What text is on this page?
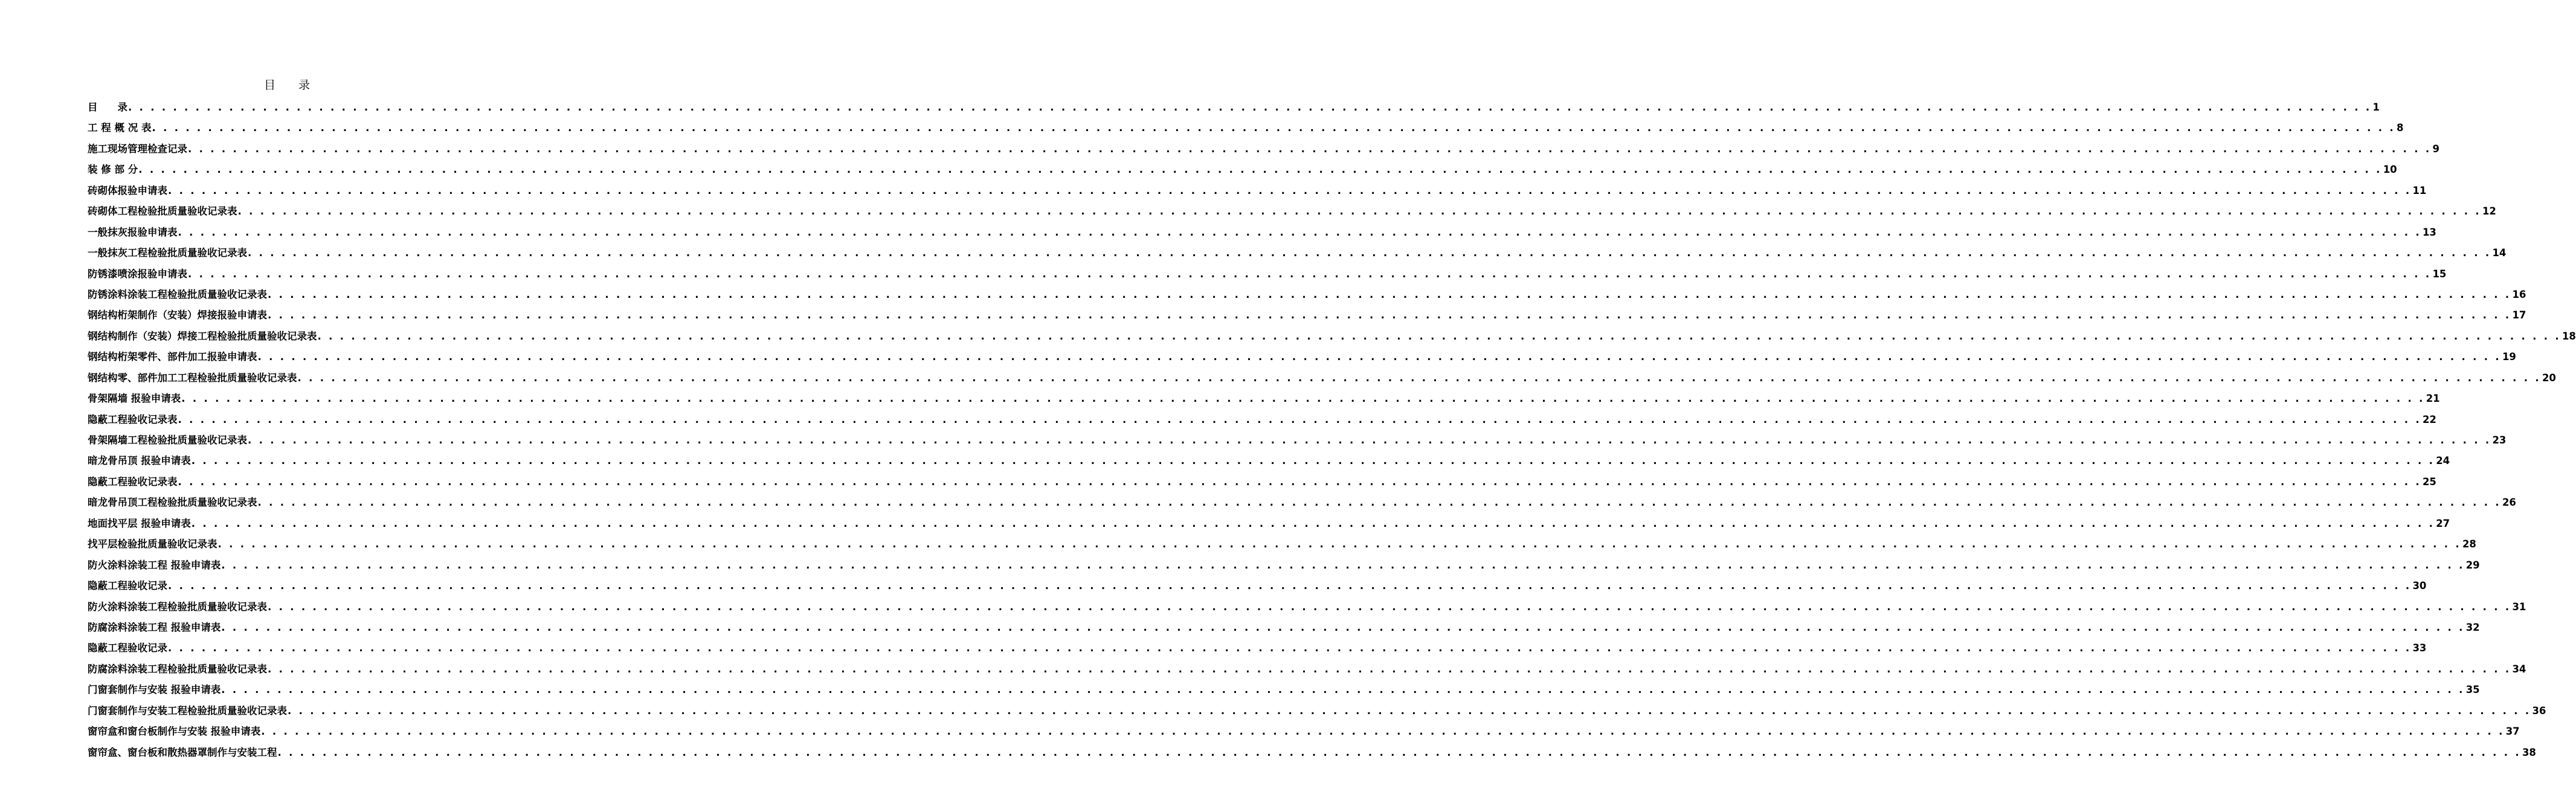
目　　录
目　　录 . . . . . . . . . . . . . . . . . . . . . . . . . . . . . . . . . . . . . . . . . . . . . . . . . . . . . . . . . . . . . . . . . . . . . . . . . . . . . . . . . . . . . . . . . . . . . . . . . . . . . . . . . . . . . . . . . . . . . . . . . . . . . . . . . . . . . . . . . . . . . . . . . . . . . . . . . . . . . . . . . . . . . . . . . . . . . . . . . . . . . . . . . . . . . . . . . . . . . . . . 1
工 程 概 况 表 . . . . . . . . . . . . . . . . . . . . . . . . . . . . . . . . . . . . . . . . . . . . . . . . . . . . . . . . . . . . . . . . . . . . . . . . . . . . . . . . . . . . . . . . . . . . . . . . . . . . . . . . . . . . . . . . . . . . . . . . . . . . . . . . . . . . . . . . . . . . . . . . . . . . . . . . . . . . . . . . . . . . . . . . . . . . . . . . . . . . . . . . . . . . . . . . . . . . . . . . 8
施工现场管理检查记录 . . . . . . . . . . . . . . . . . . . . . . . . . . . . . . . . . . . . . . . . . . . . . . . . . . . . . . . . . . . . . . . . . . . . . . . . . . . . . . . . . . . . . . . . . . . . . . . . . . . . . . . . . . . . . . . . . . . . . . . . . . . . . . . . . . . . . . . . . . . . . . . . . . . . . . . . . . . . . . . . . . . . . . . . . . . . . . . . . . . . . . . . . . . . . . . . . . . . . . . . 9
装 修 部 分 . . . . . . . . . . . . . . . . . . . . . . . . . . . . . . . . . . . . . . . . . . . . . . . . . . . . . . . . . . . . . . . . . . . . . . . . . . . . . . . . . . . . . . . . . . . . . . . . . . . . . . . . . . . . . . . . . . . . . . . . . . . . . . . . . . . . . . . . . . . . . . . . . . . . . . . . . . . . . . . . . . . . . . . . . . . . . . . . . . . . . . . . . . . . . . . . . . . . . . . . 10
砖砌体报验申请表 . . . . . . . . . . . . . . . . . . . . . . . . . . . . . . . . . . . . . . . . . . . . . . . . . . . . . . . . . . . . . . . . . . . . . . . . . . . . . . . . . . . . . . . . . . . . . . . . . . . . . . . . . . . . . . . . . . . . . . . . . . . . . . . . . . . . . . . . . . . . . . . . . . . . . . . . . . . . . . . . . . . . . . . . . . . . . . . . . . . . . . . . . . . . . . . . . . . . . . . . 11
砖砌体工程检验批质量验收记录表 . . . . . . . . . . . . . . . . . . . . . . . . . . . . . . . . . . . . . . . . . . . . . . . . . . . . . . . . . . . . . . . . . . . . . . . . . . . . . . . . . . . . . . . . . . . . . . . . . . . . . . . . . . . . . . . . . . . . . . . . . . . . . . . . . . . . . . . . . . . . . . . . . . . . . . . . . . . . . . . . . . . . . . . . . . . . . . . . . . . . . . . . . . . . . . . . . . . . . . . . 12
一般抹灰报验申请表 . . . . . . . . . . . . . . . . . . . . . . . . . . . . . . . . . . . . . . . . . . . . . . . . . . . . . . . . . . . . . . . . . . . . . . . . . . . . . . . . . . . . . . . . . . . . . . . . . . . . . . . . . . . . . . . . . . . . . . . . . . . . . . . . . . . . . . . . . . . . . . . . . . . . . . . . . . . . . . . . . . . . . . . . . . . . . . . . . . . . . . . . . . . . . . . . . . . . . . . . 13
一般抹灰工程检验批质量验收记录表 . . . . . . . . . . . . . . . . . . . . . . . . . . . . . . . . . . . . . . . . . . . . . . . . . . . . . . . . . . . . . . . . . . . . . . . . . . . . . . . . . . . . . . . . . . . . . . . . . . . . . . . . . . . . . . . . . . . . . . . . . . . . . . . . . . . . . . . . . . . . . . . . . . . . . . . . . . . . . . . . . . . . . . . . . . . . . . . . . . . . . . . . . . . . . . . . . . . . . . . . 14
防锈漆喷涂报验申请表 . . . . . . . . . . . . . . . . . . . . . . . . . . . . . . . . . . . . . . . . . . . . . . . . . . . . . . . . . . . . . . . . . . . . . . . . . . . . . . . . . . . . . . . . . . . . . . . . . . . . . . . . . . . . . . . . . . . . . . . . . . . . . . . . . . . . . . . . . . . . . . . . . . . . . . . . . . . . . . . . . . . . . . . . . . . . . . . . . . . . . . . . . . . . . . . . . . . . . . . . 15
防锈涂料涂装工程检验批质量验收记录表 . . . . . . . . . . . . . . . . . . . . . . . . . . . . . . . . . . . . . . . . . . . . . . . . . . . . . . . . . . . . . . . . . . . . . . . . . . . . . . . . . . . . . . . . . . . . . . . . . . . . . . . . . . . . . . . . . . . . . . . . . . . . . . . . . . . . . . . . . . . . . . . . . . . . . . . . . . . . . . . . . . . . . . . . . . . . . . . . . . . . . . . . . . . . . . . . . . . . . . . . 16
钢结构桁架制作（安装）焊接报验申请表 . . . . . . . . . . . . . . . . . . . . . . . . . . . . . . . . . . . . . . . . . . . . . . . . . . . . . . . . . . . . . . . . . . . . . . . . . . . . . . . . . . . . . . . . . . . . . . . . . . . . . . . . . . . . . . . . . . . . . . . . . . . . . . . . . . . . . . . . . . . . . . . . . . . . . . . . . . . . . . . . . . . . . . . . . . . . . . . . . . . . . . . . . . . . . . . . . . . . . . . . 17
钢结构制作（安装）焊接工程检验批质量验收记录表 . . . . . . . . . . . . . . . . . . . . . . . . . . . . . . . . . . . . . . . . . . . . . . . . . . . . . . . . . . . . . . . . . . . . . . . . . . . . . . . . . . . . . . . . . . . . . . . . . . . . . . . . . . . . . . . . . . . . . . . . . . . . . . . . . . . . . . . . . . . . . . . . . . . . . . . . . . . . . . . . . . . . . . . . . . . . . . . . . . . . . . . . . . . . . . . . . . . . . . . . 18
钢结构桁架零件、部件加工报验申请表 . . . . . . . . . . . . . . . . . . . . . . . . . . . . . . . . . . . . . . . . . . . . . . . . . . . . . . . . . . . . . . . . . . . . . . . . . . . . . . . . . . . . . . . . . . . . . . . . . . . . . . . . . . . . . . . . . . . . . . . . . . . . . . . . . . . . . . . . . . . . . . . . . . . . . . . . . . . . . . . . . . . . . . . . . . . . . . . . . . . . . . . . . . . . . . . . . . . . . . . . 19
钢结构零、部件加工工程检验批质量验收记录表 . . . . . . . . . . . . . . . . . . . . . . . . . . . . . . . . . . . . . . . . . . . . . . . . . . . . . . . . . . . . . . . . . . . . . . . . . . . . . . . . . . . . . . . . . . . . . . . . . . . . . . . . . . . . . . . . . . . . . . . . . . . . . . . . . . . . . . . . . . . . . . . . . . . . . . . . . . . . . . . . . . . . . . . . . . . . . . . . . . . . . . . . . . . . . . . . . . . . . . . . 20
骨架隔墙 报验申请表 . . . . . . . . . . . . . . . . . . . . . . . . . . . . . . . . . . . . . . . . . . . . . . . . . . . . . . . . . . . . . . . . . . . . . . . . . . . . . . . . . . . . . . . . . . . . . . . . . . . . . . . . . . . . . . . . . . . . . . . . . . . . . . . . . . . . . . . . . . . . . . . . . . . . . . . . . . . . . . . . . . . . . . . . . . . . . . . . . . . . . . . . . . . . . . . . . . . . . . . . 21
隐蔽工程验收记录表 . . . . . . . . . . . . . . . . . . . . . . . . . . . . . . . . . . . . . . . . . . . . . . . . . . . . . . . . . . . . . . . . . . . . . . . . . . . . . . . . . . . . . . . . . . . . . . . . . . . . . . . . . . . . . . . . . . . . . . . . . . . . . . . . . . . . . . . . . . . . . . . . . . . . . . . . . . . . . . . . . . . . . . . . . . . . . . . . . . . . . . . . . . . . . . . . . . . . . . . . 22
骨架隔墙工程检验批质量验收记录表 . . . . . . . . . . . . . . . . . . . . . . . . . . . . . . . . . . . . . . . . . . . . . . . . . . . . . . . . . . . . . . . . . . . . . . . . . . . . . . . . . . . . . . . . . . . . . . . . . . . . . . . . . . . . . . . . . . . . . . . . . . . . . . . . . . . . . . . . . . . . . . . . . . . . . . . . . . . . . . . . . . . . . . . . . . . . . . . . . . . . . . . . . . . . . . . . . . . . . . . . 23
暗龙骨吊顶 报验申请表 . . . . . . . . . . . . . . . . . . . . . . . . . . . . . . . . . . . . . . . . . . . . . . . . . . . . . . . . . . . . . . . . . . . . . . . . . . . . . . . . . . . . . . . . . . . . . . . . . . . . . . . . . . . . . . . . . . . . . . . . . . . . . . . . . . . . . . . . . . . . . . . . . . . . . . . . . . . . . . . . . . . . . . . . . . . . . . . . . . . . . . . . . . . . . . . . . . . . . . . . 24
隐蔽工程验收记录表 . . . . . . . . . . . . . . . . . . . . . . . . . . . . . . . . . . . . . . . . . . . . . . . . . . . . . . . . . . . . . . . . . . . . . . . . . . . . . . . . . . . . . . . . . . . . . . . . . . . . . . . . . . . . . . . . . . . . . . . . . . . . . . . . . . . . . . . . . . . . . . . . . . . . . . . . . . . . . . . . . . . . . . . . . . . . . . . . . . . . . . . . . . . . . . . . . . . . . . . . 25
暗龙骨吊顶工程检验批质量验收记录表 . . . . . . . . . . . . . . . . . . . . . . . . . . . . . . . . . . . . . . . . . . . . . . . . . . . . . . . . . . . . . . . . . . . . . . . . . . . . . . . . . . . . . . . . . . . . . . . . . . . . . . . . . . . . . . . . . . . . . . . . . . . . . . . . . . . . . . . . . . . . . . . . . . . . . . . . . . . . . . . . . . . . . . . . . . . . . . . . . . . . . . . . . . . . . . . . . . . . . . . . 26
地面找平层 报验申请表 . . . . . . . . . . . . . . . . . . . . . . . . . . . . . . . . . . . . . . . . . . . . . . . . . . . . . . . . . . . . . . . . . . . . . . . . . . . . . . . . . . . . . . . . . . . . . . . . . . . . . . . . . . . . . . . . . . . . . . . . . . . . . . . . . . . . . . . . . . . . . . . . . . . . . . . . . . . . . . . . . . . . . . . . . . . . . . . . . . . . . . . . . . . . . . . . . . . . . . . . 27
找平层检验批质量验收记录表 . . . . . . . . . . . . . . . . . . . . . . . . . . . . . . . . . . . . . . . . . . . . . . . . . . . . . . . . . . . . . . . . . . . . . . . . . . . . . . . . . . . . . . . . . . . . . . . . . . . . . . . . . . . . . . . . . . . . . . . . . . . . . . . . . . . . . . . . . . . . . . . . . . . . . . . . . . . . . . . . . . . . . . . . . . . . . . . . . . . . . . . . . . . . . . . . . . . . . . . . 28
防火涂料涂装工程 报验申请表 . . . . . . . . . . . . . . . . . . . . . . . . . . . . . . . . . . . . . . . . . . . . . . . . . . . . . . . . . . . . . . . . . . . . . . . . . . . . . . . . . . . . . . . . . . . . . . . . . . . . . . . . . . . . . . . . . . . . . . . . . . . . . . . . . . . . . . . . . . . . . . . . . . . . . . . . . . . . . . . . . . . . . . . . . . . . . . . . . . . . . . . . . . . . . . . . . . . . . . . . 29
隐蔽工程验收记录 . . . . . . . . . . . . . . . . . . . . . . . . . . . . . . . . . . . . . . . . . . . . . . . . . . . . . . . . . . . . . . . . . . . . . . . . . . . . . . . . . . . . . . . . . . . . . . . . . . . . . . . . . . . . . . . . . . . . . . . . . . . . . . . . . . . . . . . . . . . . . . . . . . . . . . . . . . . . . . . . . . . . . . . . . . . . . . . . . . . . . . . . . . . . . . . . . . . . . . . . 30
防火涂料涂装工程检验批质量验收记录表 . . . . . . . . . . . . . . . . . . . . . . . . . . . . . . . . . . . . . . . . . . . . . . . . . . . . . . . . . . . . . . . . . . . . . . . . . . . . . . . . . . . . . . . . . . . . . . . . . . . . . . . . . . . . . . . . . . . . . . . . . . . . . . . . . . . . . . . . . . . . . . . . . . . . . . . . . . . . . . . . . . . . . . . . . . . . . . . . . . . . . . . . . . . . . . . . . . . . . . . . 31
防腐涂料涂装工程 报验申请表 . . . . . . . . . . . . . . . . . . . . . . . . . . . . . . . . . . . . . . . . . . . . . . . . . . . . . . . . . . . . . . . . . . . . . . . . . . . . . . . . . . . . . . . . . . . . . . . . . . . . . . . . . . . . . . . . . . . . . . . . . . . . . . . . . . . . . . . . . . . . . . . . . . . . . . . . . . . . . . . . . . . . . . . . . . . . . . . . . . . . . . . . . . . . . . . . . . . . . . . . 32
隐蔽工程验收记录 . . . . . . . . . . . . . . . . . . . . . . . . . . . . . . . . . . . . . . . . . . . . . . . . . . . . . . . . . . . . . . . . . . . . . . . . . . . . . . . . . . . . . . . . . . . . . . . . . . . . . . . . . . . . . . . . . . . . . . . . . . . . . . . . . . . . . . . . . . . . . . . . . . . . . . . . . . . . . . . . . . . . . . . . . . . . . . . . . . . . . . . . . . . . . . . . . . . . . . . . 33
防腐涂料涂装工程检验批质量验收记录表 . . . . . . . . . . . . . . . . . . . . . . . . . . . . . . . . . . . . . . . . . . . . . . . . . . . . . . . . . . . . . . . . . . . . . . . . . . . . . . . . . . . . . . . . . . . . . . . . . . . . . . . . . . . . . . . . . . . . . . . . . . . . . . . . . . . . . . . . . . . . . . . . . . . . . . . . . . . . . . . . . . . . . . . . . . . . . . . . . . . . . . . . . . . . . . . . . . . . . . . . 34
门窗套制作与安装 报验申请表 . . . . . . . . . . . . . . . . . . . . . . . . . . . . . . . . . . . . . . . . . . . . . . . . . . . . . . . . . . . . . . . . . . . . . . . . . . . . . . . . . . . . . . . . . . . . . . . . . . . . . . . . . . . . . . . . . . . . . . . . . . . . . . . . . . . . . . . . . . . . . . . . . . . . . . . . . . . . . . . . . . . . . . . . . . . . . . . . . . . . . . . . . . . . . . . . . . . . . . . . 35
门窗套制作与安装工程检验批质量验收记录表 . . . . . . . . . . . . . . . . . . . . . . . . . . . . . . . . . . . . . . . . . . . . . . . . . . . . . . . . . . . . . . . . . . . . . . . . . . . . . . . . . . . . . . . . . . . . . . . . . . . . . . . . . . . . . . . . . . . . . . . . . . . . . . . . . . . . . . . . . . . . . . . . . . . . . . . . . . . . . . . . . . . . . . . . . . . . . . . . . . . . . . . . . . . . . . . . . . . . . . . . 36
窗帘盒和窗台板制作与安装 报验申请表 . . . . . . . . . . . . . . . . . . . . . . . . . . . . . . . . . . . . . . . . . . . . . . . . . . . . . . . . . . . . . . . . . . . . . . . . . . . . . . . . . . . . . . . . . . . . . . . . . . . . . . . . . . . . . . . . . . . . . . . . . . . . . . . . . . . . . . . . . . . . . . . . . . . . . . . . . . . . . . . . . . . . . . . . . . . . . . . . . . . . . . . . . . . . . . . . . . . . . . . . 37
窗帘盒、窗台板和散热器罩制作与安装工程 . . . . . . . . . . . . . . . . . . . . . . . . . . . . . . . . . . . . . . . . . . . . . . . . . . . . . . . . . . . . . . . . . . . . . . . . . . . . . . . . . . . . . . . . . . . . . . . . . . . . . . . . . . . . . . . . . . . . . . . . . . . . . . . . . . . . . . . . . . . . . . . . . . . . . . . . . . . . . . . . . . . . . . . . . . . . . . . . . . . . . . . . . . . . . . . . . . . . . . . . 38
